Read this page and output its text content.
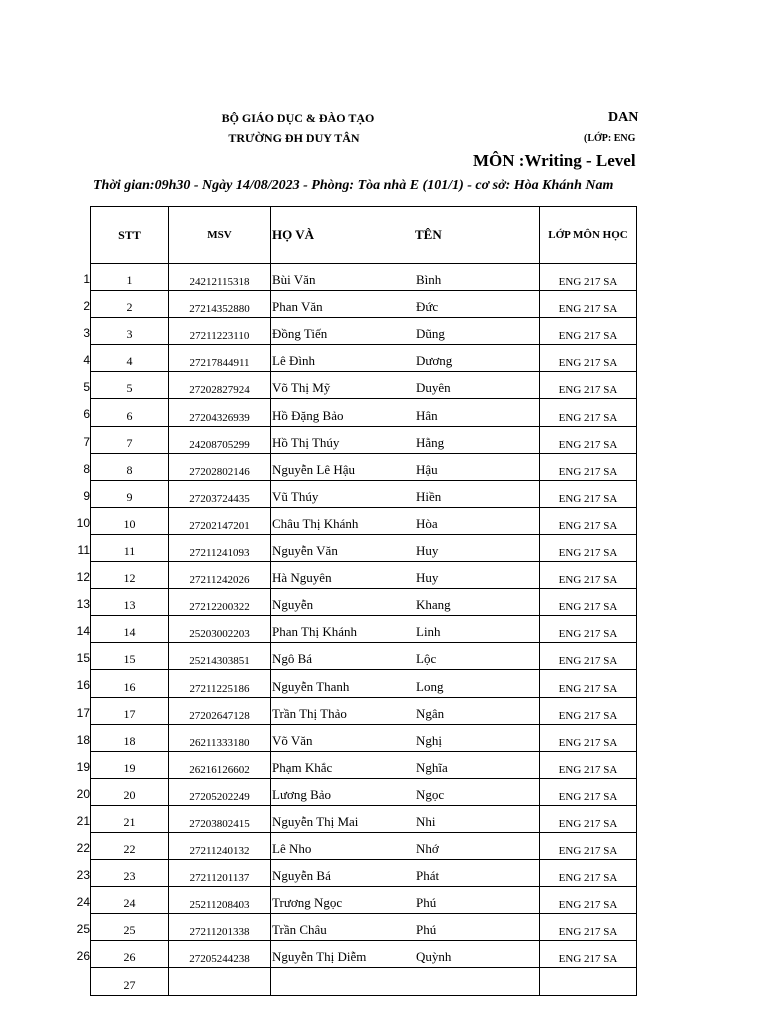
BỘ GIÁO DỤC & ĐÀO TẠO
TRƯỜNG ĐH DUY TÂN
DAN
(LỚP: ENG
MÔN :Writing - Level
Thời gian:09h30 - Ngày 14/08/2023 - Phòng: Tòa nhà E (101/1) - cơ sở: Hòa Khánh Nam
STT	MSV	HỌ VÀ	TÊN	LỚP MÔN HỌC
1	24212115318	Bùi Văn	Bình	ENG 217 SA
2	27214352880	Phan Văn	Đức	ENG 217 SA
3	27211223110	Đồng Tiến	Dũng	ENG 217 SA
4	27217844911	Lê Đình	Dương	ENG 217 SA
5	27202827924	Võ Thị Mỹ	Duyên	ENG 217 SA
6	27204326939	Hồ Đặng Bảo	Hân	ENG 217 SA
7	24208705299	Hồ Thị Thúy	Hằng	ENG 217 SA
8	27202802146	Nguyễn Lê Hậu	Hậu	ENG 217 SA
9	27203724435	Vũ Thúy	Hiền	ENG 217 SA
10	27202147201	Châu Thị Khánh	Hòa	ENG 217 SA
11	27211241093	Nguyễn Văn	Huy	ENG 217 SA
12	27211242026	Hà Nguyên	Huy	ENG 217 SA
13	27212200322	Nguyễn	Khang	ENG 217 SA
14	25203002203	Phan Thị Khánh	Linh	ENG 217 SA
15	25214303851	Ngô Bá	Lộc	ENG 217 SA
16	27211225186	Nguyễn Thanh	Long	ENG 217 SA
17	27202647128	Trần Thị Thảo	Ngân	ENG 217 SA
18	26211333180	Võ Văn	Nghị	ENG 217 SA
19	26216126602	Phạm Khắc	Nghĩa	ENG 217 SA
20	27205202249	Lương Bảo	Ngọc	ENG 217 SA
21	27203802415	Nguyễn Thị Mai	Nhi	ENG 217 SA
22	27211240132	Lê Nho	Nhớ	ENG 217 SA
23	27211201137	Nguyễn Bá	Phát	ENG 217 SA
24	25211208403	Trương Ngọc	Phú	ENG 217 SA
25	27211201338	Trần Châu	Phú	ENG 217 SA
26	27205244238	Nguyễn Thị Diễm	Quỳnh	ENG 217 SA
27				
1
2
3
4
5
6
7
8
9
10
11
12
13
14
15
16
17
18
19
20
21
22
23
24
25
26
